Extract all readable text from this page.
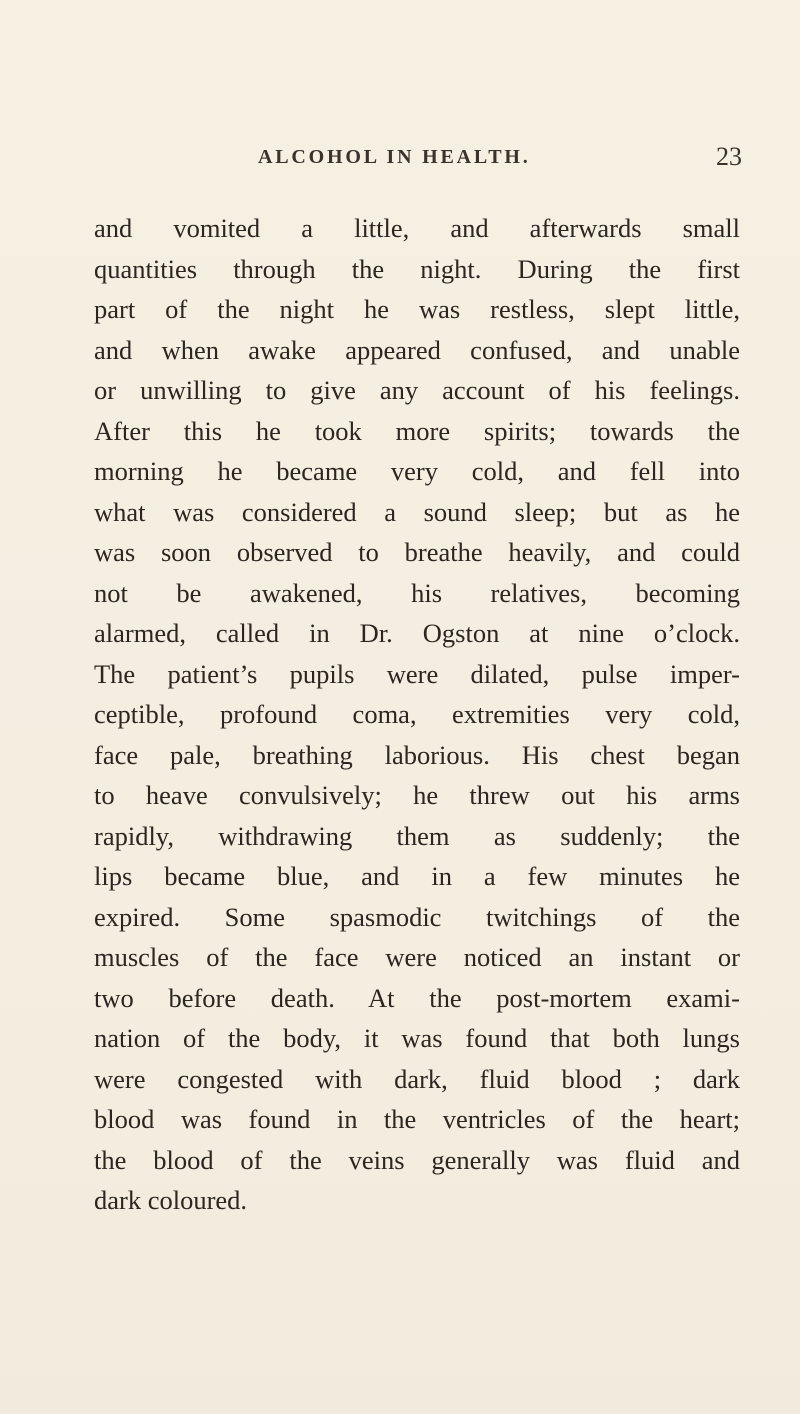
ALCOHOL IN HEALTH.	23
and vomited a little, and afterwards small
quantities through the night. During the first
part of the night he was restless, slept little,
and when awake appeared confused, and unable
or unwilling to give any account of his feelings.
After this he took more spirits; towards the
morning he became very cold, and fell into
what was considered a sound sleep; but as he
was soon observed to breathe heavily, and could
not be awakened, his relatives, becoming
alarmed, called in Dr. Ogston at nine o’clock.
The patient’s pupils were dilated, pulse imper-
ceptible, profound coma, extremities very cold,
face pale, breathing laborious. His chest began
to heave convulsively; he threw out his arms
rapidly, withdrawing them as suddenly; the
lips became blue, and in a few minutes he
expired. Some spasmodic twitchings of the
muscles of the face were noticed an instant or
two before death. At the post-mortem exami-
nation of the body, it was found that both lungs
were congested with dark, fluid blood ; dark
blood was found in the ventricles of the heart;
the blood of the veins generally was fluid and
dark coloured.
